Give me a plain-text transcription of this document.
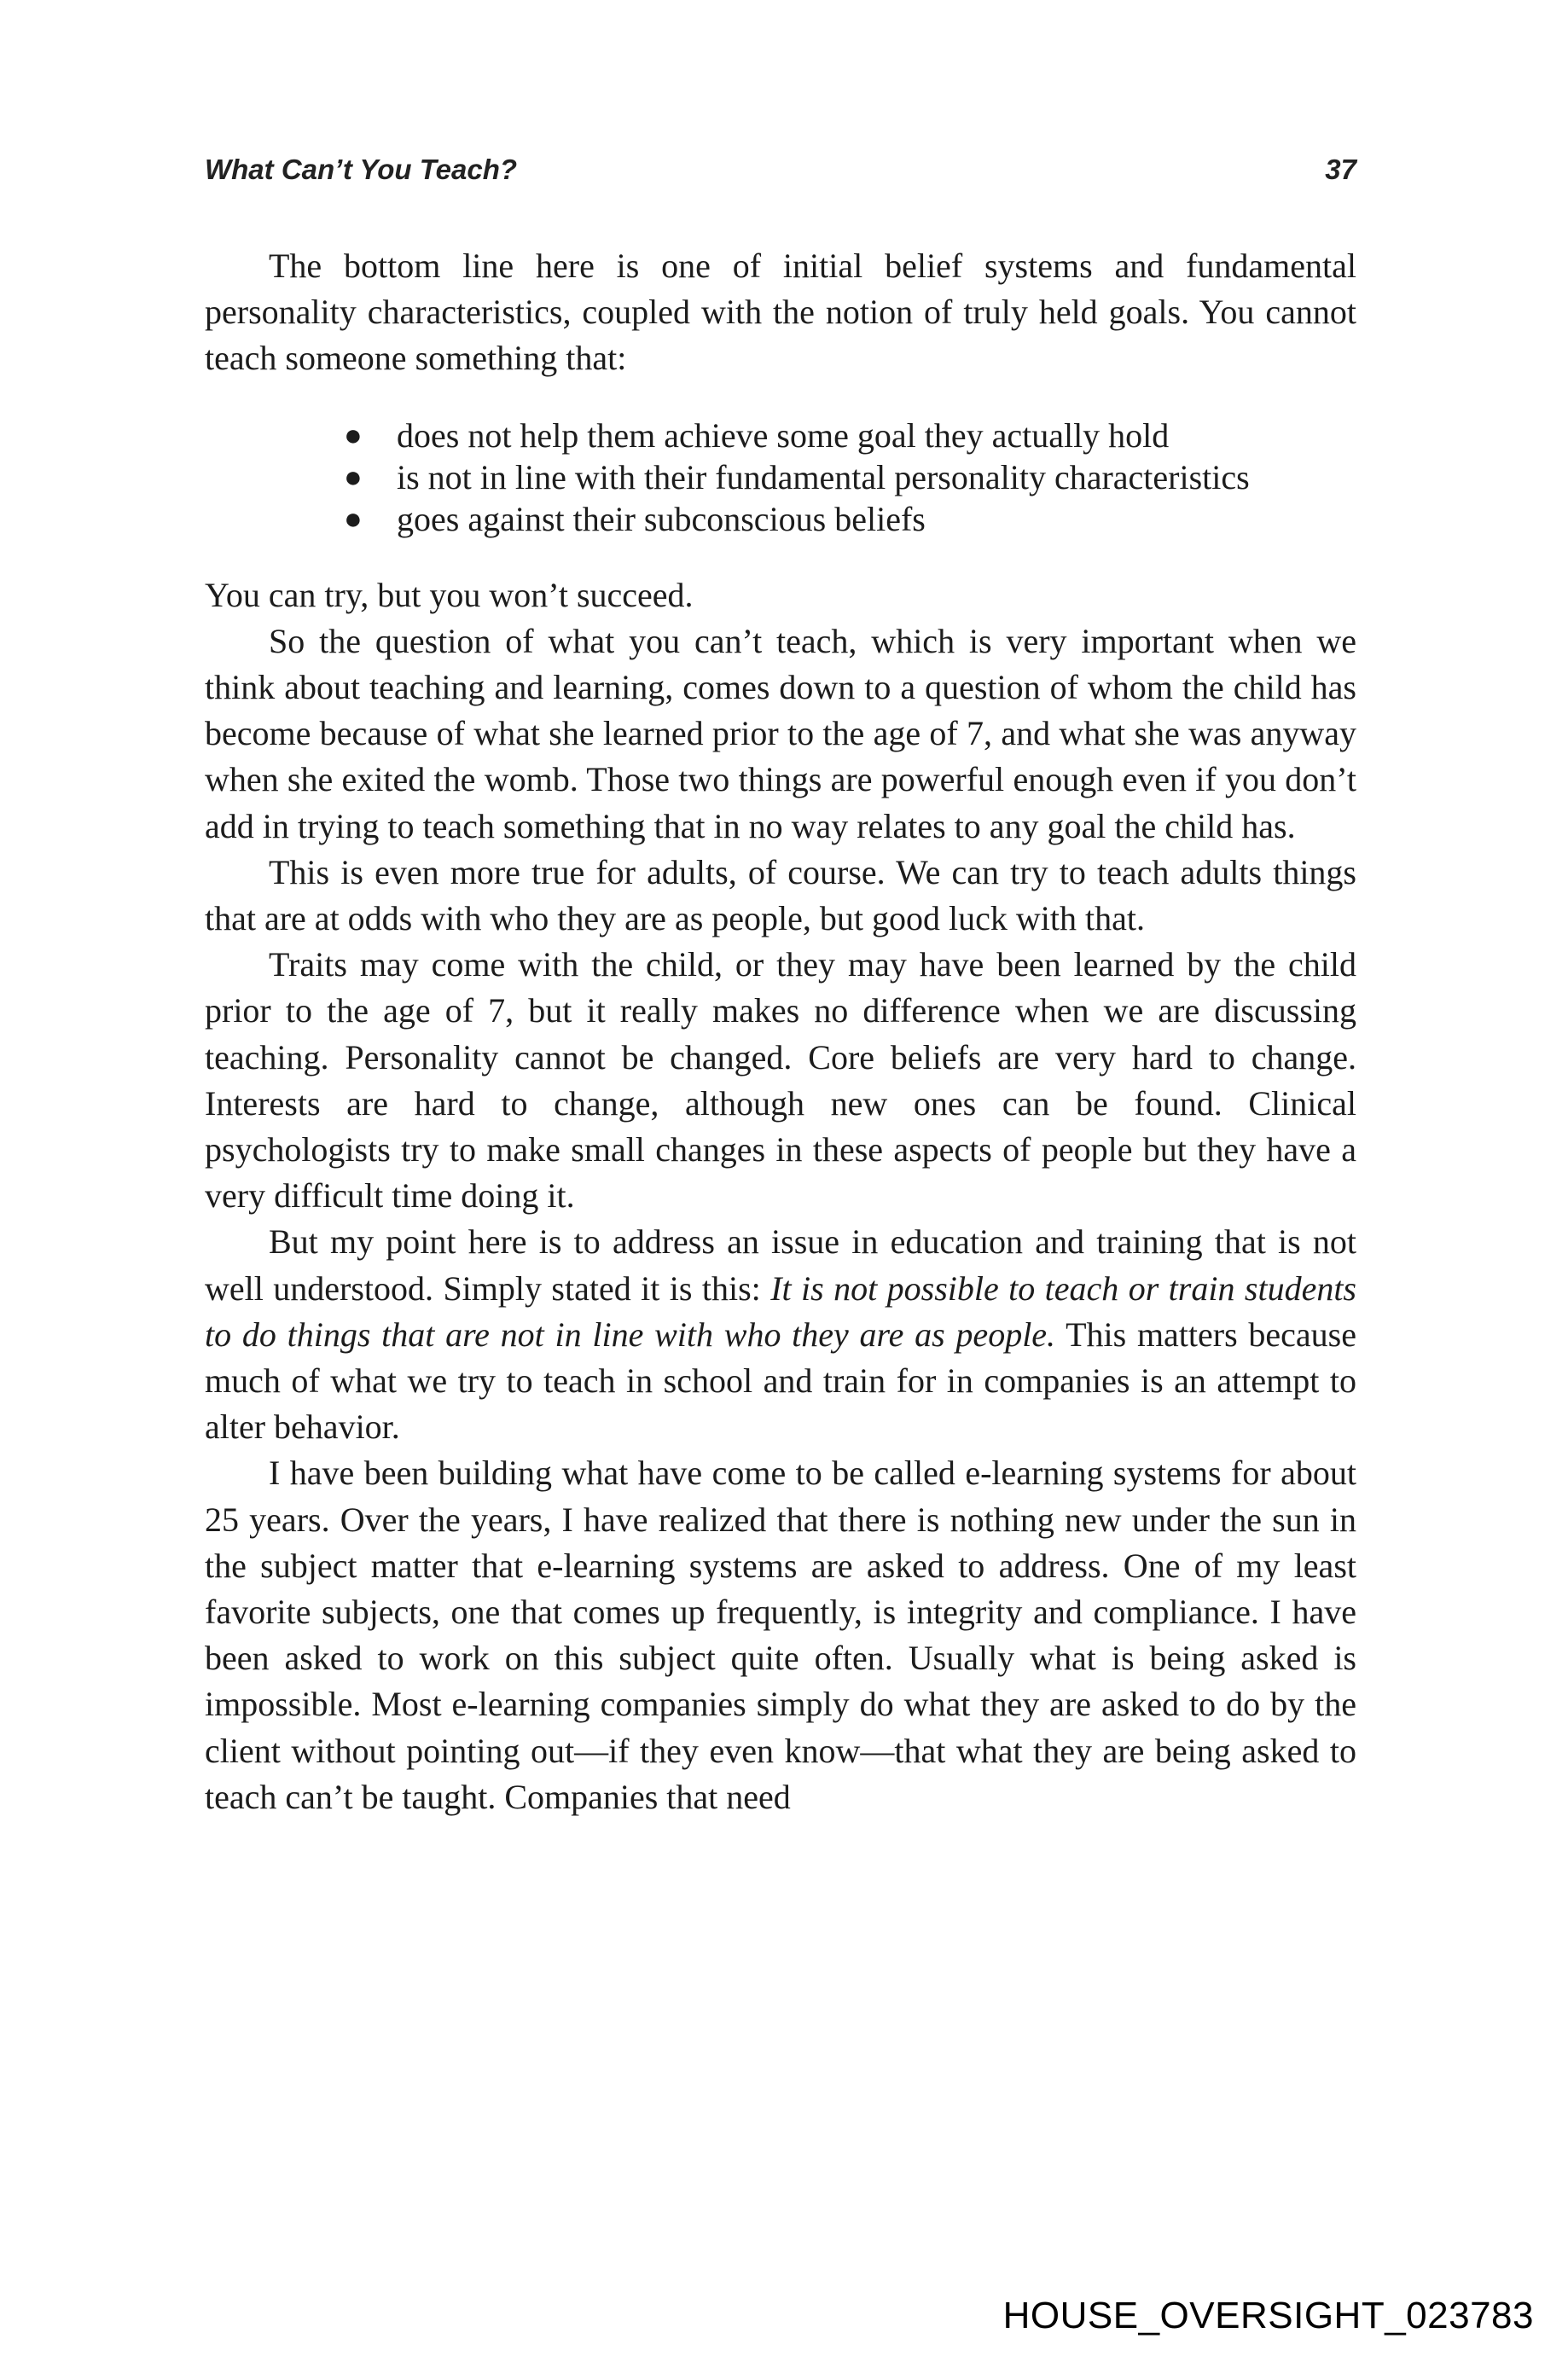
What Can’t You Teach?	37

The bottom line here is one of initial belief systems and fundamental personality characteristics, coupled with the notion of truly held goals. You cannot teach someone something that:

● does not help them achieve some goal they actually hold
● is not in line with their fundamental personality characteristics
● goes against their subconscious beliefs

You can try, but you won’t succeed.

So the question of what you can’t teach, which is very important when we think about teaching and learning, comes down to a question of whom the child has become because of what she learned prior to the age of 7, and what she was anyway when she exited the womb. Those two things are powerful enough even if you don’t add in trying to teach something that in no way relates to any goal the child has.

This is even more true for adults, of course. We can try to teach adults things that are at odds with who they are as people, but good luck with that.

Traits may come with the child, or they may have been learned by the child prior to the age of 7, but it really makes no difference when we are discussing teaching. Personality cannot be changed. Core beliefs are very hard to change. Interests are hard to change, although new ones can be found. Clinical psychologists try to make small changes in these aspects of people but they have a very difficult time doing it.

But my point here is to address an issue in education and training that is not well understood. Simply stated it is this: It is not possible to teach or train students to do things that are not in line with who they are as people. This matters because much of what we try to teach in school and train for in companies is an attempt to alter behavior.

I have been building what have come to be called e-learning systems for about 25 years. Over the years, I have realized that there is nothing new under the sun in the subject matter that e-learning systems are asked to address. One of my least favorite subjects, one that comes up frequently, is integrity and compliance. I have been asked to work on this subject quite often. Usually what is being asked is impossible. Most e-learning companies simply do what they are asked to do by the client without pointing out—if they even know—that what they are being asked to teach can’t be taught. Companies that need

HOUSE_OVERSIGHT_023783
